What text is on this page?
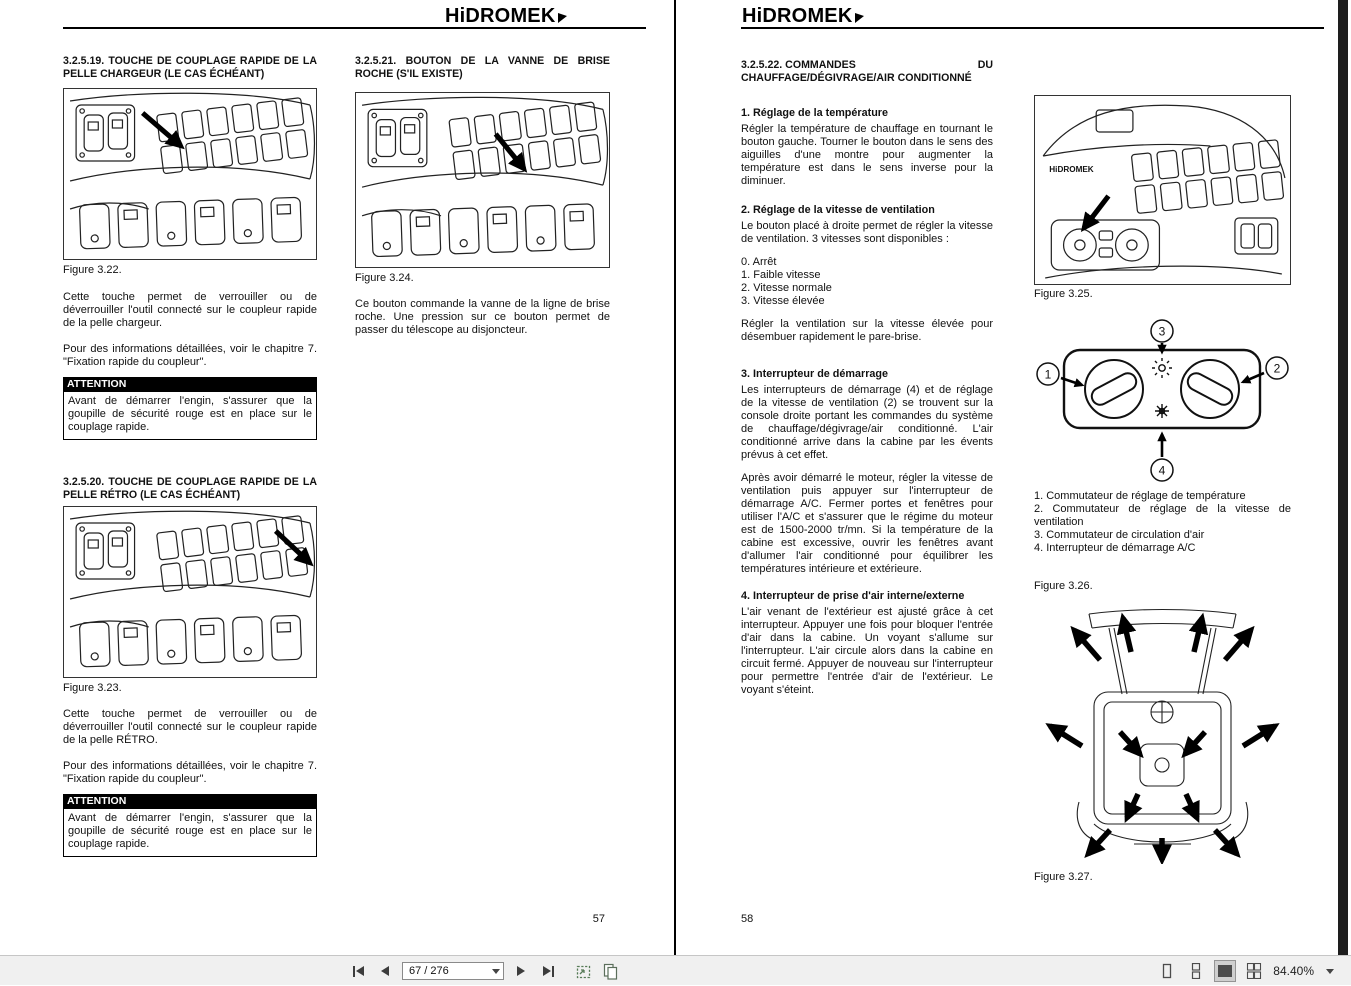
HiDROMEK
3.2.5.19. TOUCHE DE COUPLAGE RAPIDE DE LA PELLE CHARGEUR (LE CAS ÉCHÉANT)
Figure 3.22.
Cette touche permet de verrouiller ou de déverrouiller l'outil connecté sur le coupleur rapide de la pelle chargeur.
Pour des informations détaillées, voir le chapitre 7. "Fixation rapide du coupleur".
ATTENTION
Avant de démarrer l'engin, s'assurer que la goupille de sécurité rouge est en place sur le couplage rapide.
3.2.5.20. TOUCHE DE COUPLAGE RAPIDE DE LA PELLE RÉTRO (LE CAS ÉCHÉANT)
Figure 3.23.
Cette touche permet de verrouiller ou de déverrouiller l'outil connecté sur le coupleur rapide de la pelle RÉTRO.
Pour des informations détaillées, voir le chapitre 7. "Fixation rapide du coupleur".
ATTENTION
Avant de démarrer l'engin, s'assurer que la goupille de sécurité rouge est en place sur le couplage rapide.
3.2.5.21. BOUTON DE LA VANNE DE BRISE ROCHE (S'IL EXISTE)
Figure 3.24.
Ce bouton commande la vanne de la ligne de brise roche. Une pression sur ce bouton permet de passer du télescope au disjoncteur.
57
HiDROMEK
3.2.5.22. COMMANDES	DU
CHAUFFAGE/DÉGIVRAGE/AIR CONDITIONNÉ
1. Réglage de la température
Régler la température de chauffage en tournant le bouton gauche. Tourner le bouton dans le sens des aiguilles d'une montre pour augmenter la température est dans le sens inverse pour la diminuer.
2. Réglage de la vitesse de ventilation
Le bouton placé à droite permet de régler la vitesse de ventilation. 3 vitesses sont disponibles :
0. Arrêt
1. Faible vitesse
2. Vitesse normale
3. Vitesse élevée
Régler la ventilation sur la vitesse élevée pour désembuer rapidement le pare-brise.
3. Interrupteur de démarrage
Les interrupteurs de démarrage (4) et de réglage de la vitesse de ventilation (2) se trouvent sur la console droite portant les commandes du système de chauffage/dégivrage/air conditionné. L'air conditionné arrive dans la cabine par les évents prévus à cet effet.
Après avoir démarré le moteur, régler la vitesse de ventilation puis appuyer sur l'interrupteur de démarrage A/C. Fermer portes et fenêtres pour utiliser l'A/C et s'assurer que le régime du moteur est de 1500-2000 tr/mn. Si la température de la cabine est excessive, ouvrir les fenêtres avant d'allumer l'air conditionné pour équilibrer les températures intérieure et extérieure.
4. Interrupteur de prise d'air interne/externe
L'air venant de l'extérieur est ajusté grâce à cet interrupteur. Appuyer une fois pour bloquer l'entrée d'air dans la cabine. Un voyant s'allume sur l'interrupteur. L'air circule alors dans la cabine en circuit fermé. Appuyer de nouveau sur l'interrupteur pour permettre l'entrée d'air de l'extérieur. Le voyant s'éteint.
HiDROMEK
Figure 3.25.
1	2
3
4
1. Commutateur de réglage de température
2. Commutateur de réglage de la vitesse de ventilation
3. Commutateur de circulation d'air
4. Interrupteur de démarrage A/C
Figure 3.26.
Figure 3.27.
58
67 / 276	84.40%
